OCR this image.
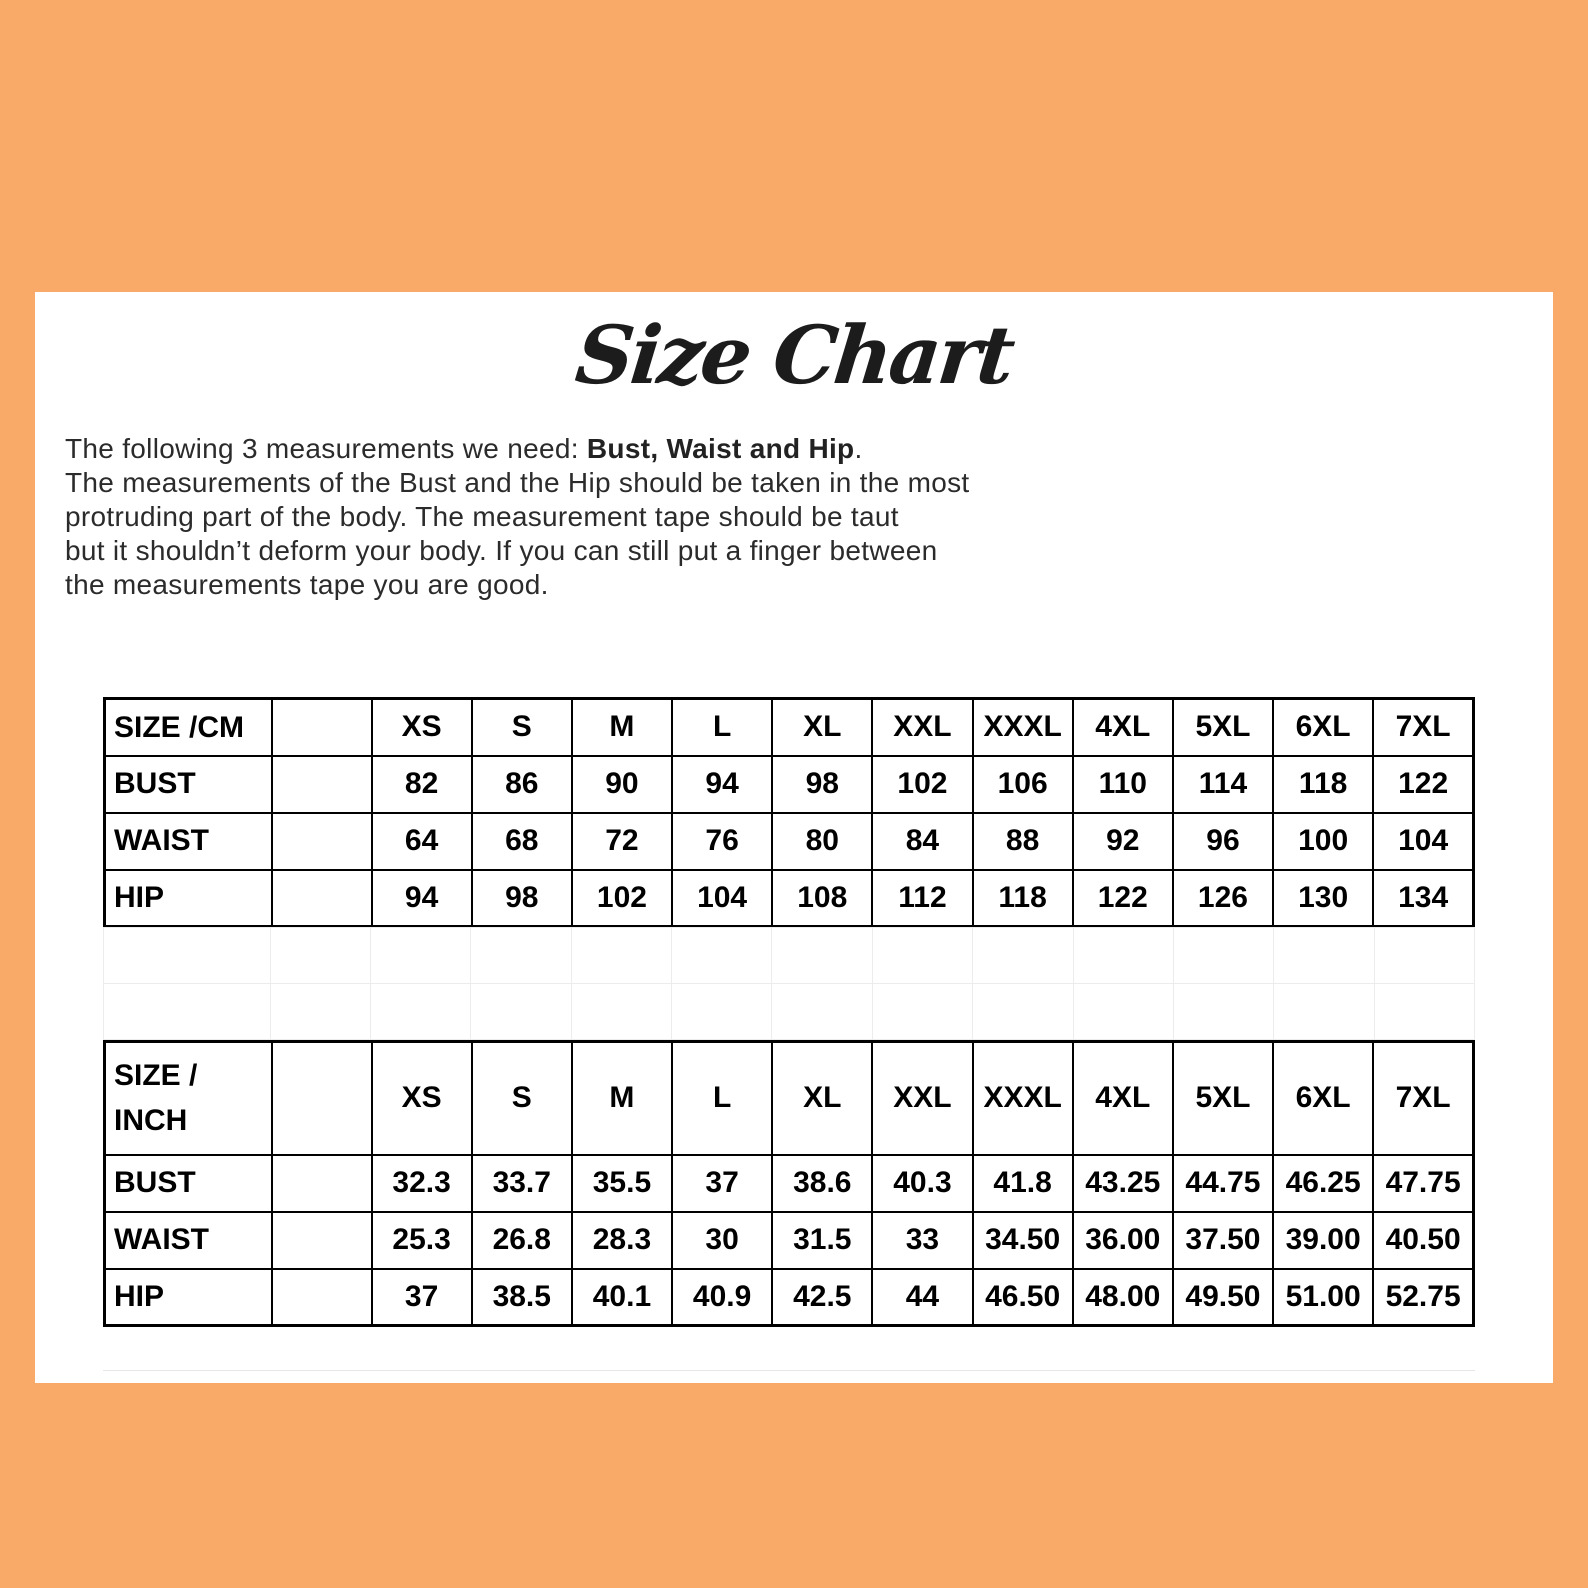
Size Chart

The following 3 measurements we need: Bust, Waist and Hip.

The measurements of the Bust and the Hip should be taken in the most
protruding part of the body. The measurement tape should be taut
but it shouldn’t deform your body. If you can still put a finger between
the measurements tape you are good.
SIZE /CM		XS	S	M	L	XL	XXL	XXXL	4XL	5XL	6XL	7XL
BUST		82	86	90	94	98	102	106	110	114	118	122
WAIST		64	68	72	76	80	84	88	92	96	100	104
HIP		94	98	102	104	108	112	118	122	126	130	134

SIZE /
INCH		XS	S	M	L	XL	XXL	XXXL	4XL	5XL	6XL	7XL
BUST		32.3	33.7	35.5	37	38.6	40.3	41.8	43.25	44.75	46.25	47.75
WAIST		25.3	26.8	28.3	30	31.5	33	34.50	36.00	37.50	39.00	40.50
HIP		37	38.5	40.1	40.9	42.5	44	46.50	48.00	49.50	51.00	52.75
